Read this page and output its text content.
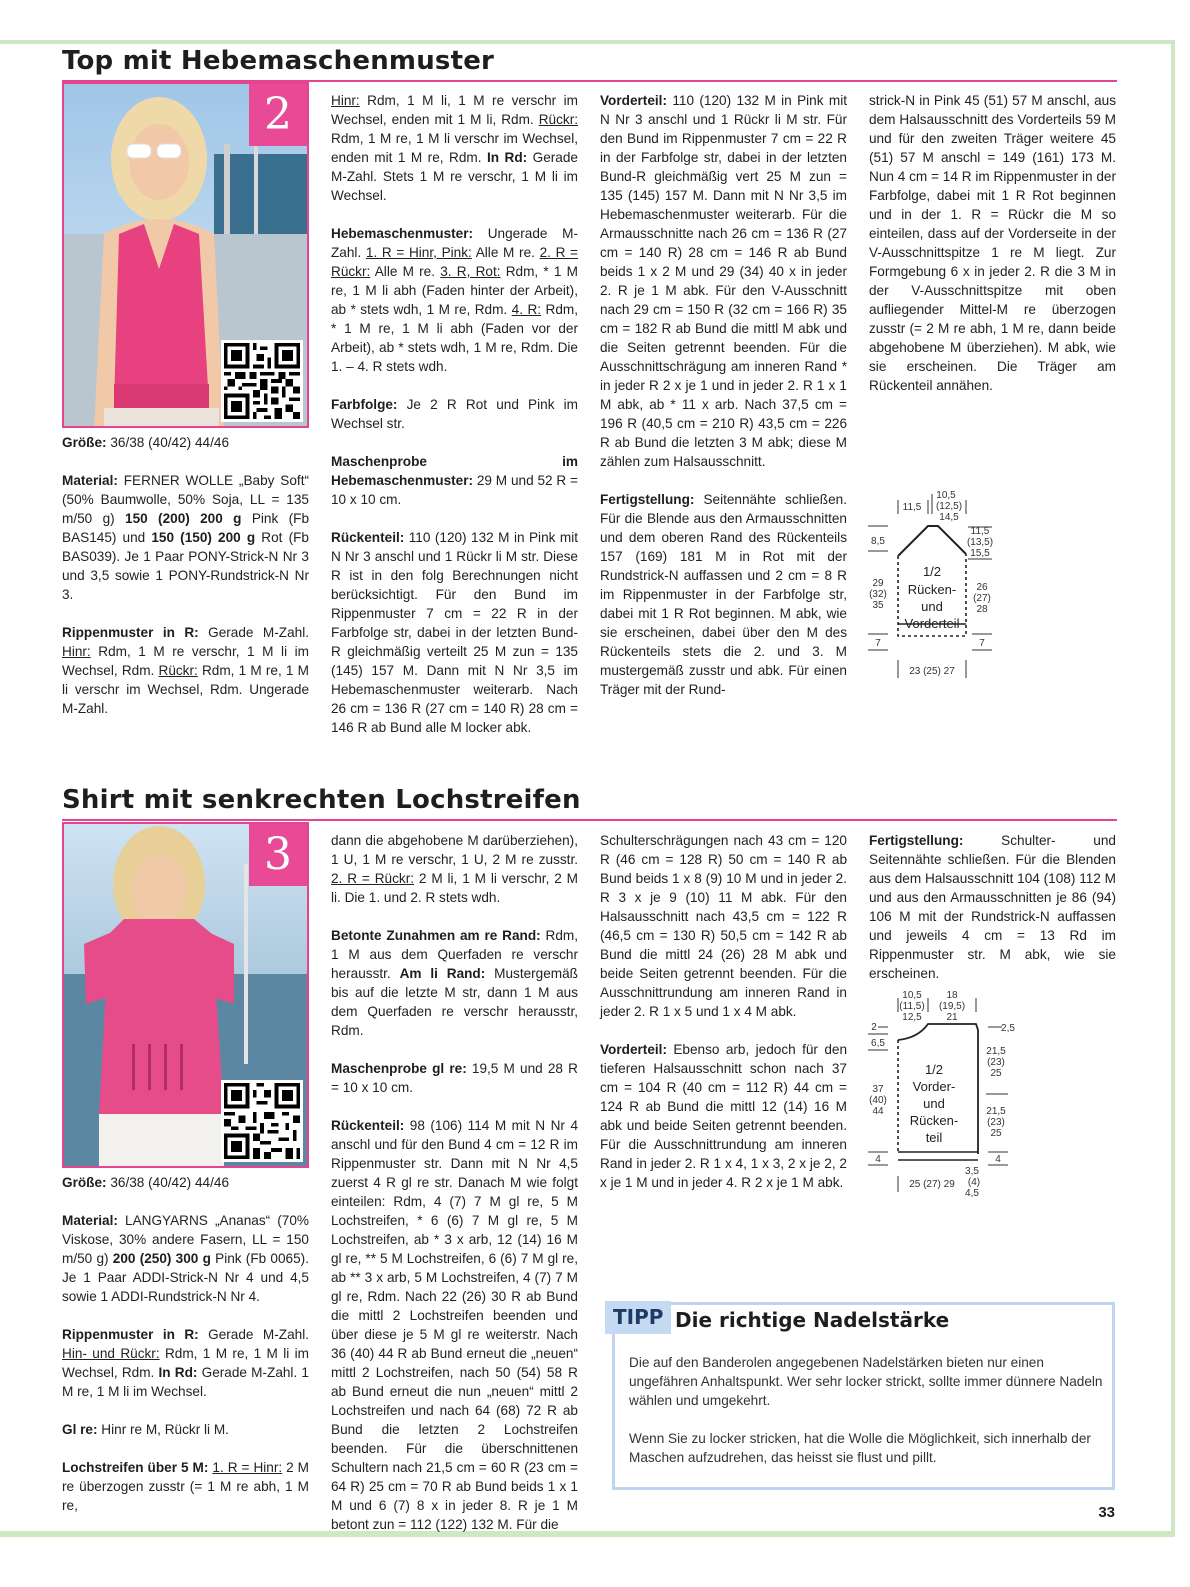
Top mit Hebemaschenmuster
2

Größe: 36/38 (40/42) 44/46

Material: FERNER WOLLE „Baby Soft“ (50% Baumwolle, 50% Soja, LL = 135 m/50 g) 150 (200) 200 g Pink (Fb BAS145) und 150 (150) 200 g Rot (Fb BAS039). Je 1 Paar PONY-Strick-N Nr 3 und 3,5 sowie 1 PONY-Rundstrick-N Nr 3.

Rippenmuster in R: Gerade M-Zahl. Hinr: Rdm, 1 M re verschr, 1 M li im Wechsel, Rdm. Rückr: Rdm, 1 M re, 1 M li verschr im Wechsel, Rdm. Ungerade M-Zahl.

Hinr: Rdm, 1 M li, 1 M re verschr im Wechsel, enden mit 1 M li, Rdm. Rückr: Rdm, 1 M re, 1 M li verschr im Wechsel, enden mit 1 M re, Rdm. In Rd: Gerade M-Zahl. Stets 1 M re verschr, 1 M li im Wechsel.

Hebemaschenmuster: Ungerade M-Zahl. 1. R = Hinr, Pink: Alle M re. 2. R = Rückr: Alle M re. 3. R, Rot: Rdm, * 1 M re, 1 M li abh (Faden hinter der Arbeit), ab * stets wdh, 1 M re, Rdm. 4. R: Rdm, * 1 M re, 1 M li abh (Faden vor der Arbeit), ab * stets wdh, 1 M re, Rdm. Die 1. – 4. R stets wdh.

Farbfolge: Je 2 R Rot und Pink im Wechsel str.

Maschenprobe im Hebemaschenmuster: 29 M und 52 R = 10 x 10 cm.

Rückenteil: 110 (120) 132 M in Pink mit N Nr 3 anschl und 1 Rückr li M str. Diese R ist in den folg Berechnungen nicht berücksichtigt. Für den Bund im Rippenmuster 7 cm = 22 R in der Farbfolge str, dabei in der letzten Bund-R gleichmäßig verteilt 25 M zun = 135 (145) 157 M. Dann mit N Nr 3,5 im Hebemaschenmuster weiterarb. Nach 26 cm = 136 R (27 cm = 140 R) 28 cm = 146 R ab Bund alle M locker abk.

Vorderteil: 110 (120) 132 M in Pink mit N Nr 3 anschl und 1 Rückr li M str. Für den Bund im Rippenmuster 7 cm = 22 R in der Farbfolge str, dabei in der letzten Bund-R gleichmäßig vert 25 M zun = 135 (145) 157 M. Dann mit N Nr 3,5 im Hebemaschenmuster weiterarb. Für die Armausschnitte nach 26 cm = 136 R (27 cm = 140 R) 28 cm = 146 R ab Bund beids 1 x 2 M und 29 (34) 40 x in jeder 2. R je 1 M abk. Für den V-Ausschnitt nach 29 cm = 150 R (32 cm = 166 R) 35 cm = 182 R ab Bund die mittl M abk und die Seiten getrennt beenden. Für die Ausschnittschrägung am inneren Rand * in jeder R 2 x je 1 und in jeder 2. R 1 x 1 M abk, ab * 11 x arb. Nach 37,5 cm = 196 R (40,5 cm = 210 R) 43,5 cm = 226 R ab Bund die letzten 3 M abk; diese M zählen zum Halsausschnitt.

Fertigstellung: Seitennähte schließen. Für die Blende aus den Armausschnitten und dem oberen Rand des Rückenteils 157 (169) 181 M in Rot mit der Rundstrick-N auffassen und 2 cm = 8 R im Rippenmuster in der Farbfolge str, dabei mit 1 R Rot beginnen. M abk, wie sie erscheinen, dabei über den M des Rückenteils stets die 2. und 3. M mustergemäß zusstr und abk. Für einen Träger mit der Rund-

strick-N in Pink 45 (51) 57 M anschl, aus dem Halsausschnitt des Vorderteils 59 M und für den zweiten Träger weitere 45 (51) 57 M anschl = 149 (161) 173 M. Nun 4 cm = 14 R im Rippenmuster in der Farbfolge, dabei mit 1 R Rot beginnen und in der 1. R = Rückr die M so einteilen, dass auf der Vorderseite in der V-Ausschnittspitze 1 re M liegt. Zur Formgebung 6 x in jeder 2. R die 3 M in der V-Ausschnittspitze mit oben aufliegender Mittel-M re überzogen zusstr (= 2 M re abh, 1 M re, dann beide abgehobene M überziehen). M abk, wie sie erscheinen. Die Träger am Rückenteil annähen.

10,5
(12,5)
14,5
11,5
11,5
(13,5)
15,5
8,5
29
(32)
35
26
(27)
28
1/2
Rücken-
und
Vorderteil
7	7
23 (25) 27
Shirt mit senkrechten Lochstreifen
3

Größe: 36/38 (40/42) 44/46

Material: LANGYARNS „Ananas“ (70% Viskose, 30% andere Fasern, LL = 150 m/50 g) 200 (250) 300 g Pink (Fb 0065). Je 1 Paar ADDI-Strick-N Nr 4 und 4,5 sowie 1 ADDI-Rundstrick-N Nr 4.

Rippenmuster in R: Gerade M-Zahl. Hin- und Rückr: Rdm, 1 M re, 1 M li im Wechsel, Rdm. In Rd: Gerade M-Zahl. 1 M re, 1 M li im Wechsel.

Gl re: Hinr re M, Rückr li M.

Lochstreifen über 5 M: 1. R = Hinr: 2 M re überzogen zusstr (= 1 M re abh, 1 M re,

dann die abgehobene M darüberziehen), 1 U, 1 M re verschr, 1 U, 2 M re zusstr. 2. R = Rückr: 2 M li, 1 M li verschr, 2 M li. Die 1. und 2. R stets wdh.

Betonte Zunahmen am re Rand: Rdm, 1 M aus dem Querfaden re verschr herausstr. Am li Rand: Mustergemäß bis auf die letzte M str, dann 1 M aus dem Querfaden re verschr herausstr, Rdm.

Maschenprobe gl re: 19,5 M und 28 R = 10 x 10 cm.

Rückenteil: 98 (106) 114 M mit N Nr 4 anschl und für den Bund 4 cm = 12 R im Rippenmuster str. Dann mit N Nr 4,5 zuerst 4 R gl re str. Danach M wie folgt einteilen: Rdm, 4 (7) 7 M gl re, 5 M Lochstreifen, * 6 (6) 7 M gl re, 5 M Lochstreifen, ab * 3 x arb, 12 (14) 16 M gl re, ** 5 M Lochstreifen, 6 (6) 7 M gl re, ab ** 3 x arb, 5 M Lochstreifen, 4 (7) 7 M gl re, Rdm. Nach 22 (26) 30 R ab Bund die mittl 2 Lochstreifen beenden und über diese je 5 M gl re weiterstr. Nach 36 (40) 44 R ab Bund erneut die „neuen“ mittl 2 Lochstreifen, nach 50 (54) 58 R ab Bund erneut die nun „neuen“ mittl 2 Lochstreifen und nach 64 (68) 72 R ab Bund die letzten 2 Lochstreifen beenden. Für die überschnittenen Schultern nach 21,5 cm = 60 R (23 cm = 64 R) 25 cm = 70 R ab Bund beids 1 x 1 M und 6 (7) 8 x in jeder 8. R je 1 M betont zun = 112 (122) 132 M. Für die

Schulterschrägungen nach 43 cm = 120 R (46 cm = 128 R) 50 cm = 140 R ab Bund beids 1 x 8 (9) 10 M und in jeder 2. R 3 x je 9 (10) 11 M abk. Für den Halsausschnitt nach 43,5 cm = 122 R (46,5 cm = 130 R) 50,5 cm = 142 R ab Bund die mittl 24 (26) 28 M abk und beide Seiten getrennt beenden. Für die Ausschnittrundung am inneren Rand in jeder 2. R 1 x 5 und 1 x 4 M abk.

Vorderteil: Ebenso arb, jedoch für den tieferen Halsausschnitt schon nach 37 cm = 104 R (40 cm = 112 R) 44 cm = 124 R ab Bund die mittl 12 (14) 16 M abk und beide Seiten getrennt beenden. Für die Ausschnittrundung am inneren Rand in jeder 2. R 1 x 4, 1 x 3, 2 x je 2, 2 x je 1 M und in jeder 4. R 2 x je 1 M abk.

Fertigstellung: Schulter- und Seitennähte schließen. Für die Blenden aus dem Halsausschnitt 104 (108) 112 M und aus den Armausschnitten je 86 (94) 106 M mit der Rundstrick-N auffassen und jeweils 4 cm = 13 Rd im Rippenmuster str. M abk, wie sie erscheinen.

10,5
(11,5)
12,5
18
(19,5)
21
2
6,5
2,5
21,5
(23)
25
21,5
(23)
25
37
(40)
44
1/2
Vorder-
und
Rücken-
teil
4	4
3,5
(4)
4,5
25 (27) 29
TIPP Die richtige Nadelstärke

Die auf den Banderolen angegebenen Nadelstärken bieten nur einen ungefähren Anhaltspunkt. Wer sehr locker strickt, sollte immer dünnere Nadeln wählen und umgekehrt.

Wenn Sie zu locker stricken, hat die Wolle die Möglichkeit, sich innerhalb der Maschen aufzudrehen, das heisst sie flust und pillt.

33
